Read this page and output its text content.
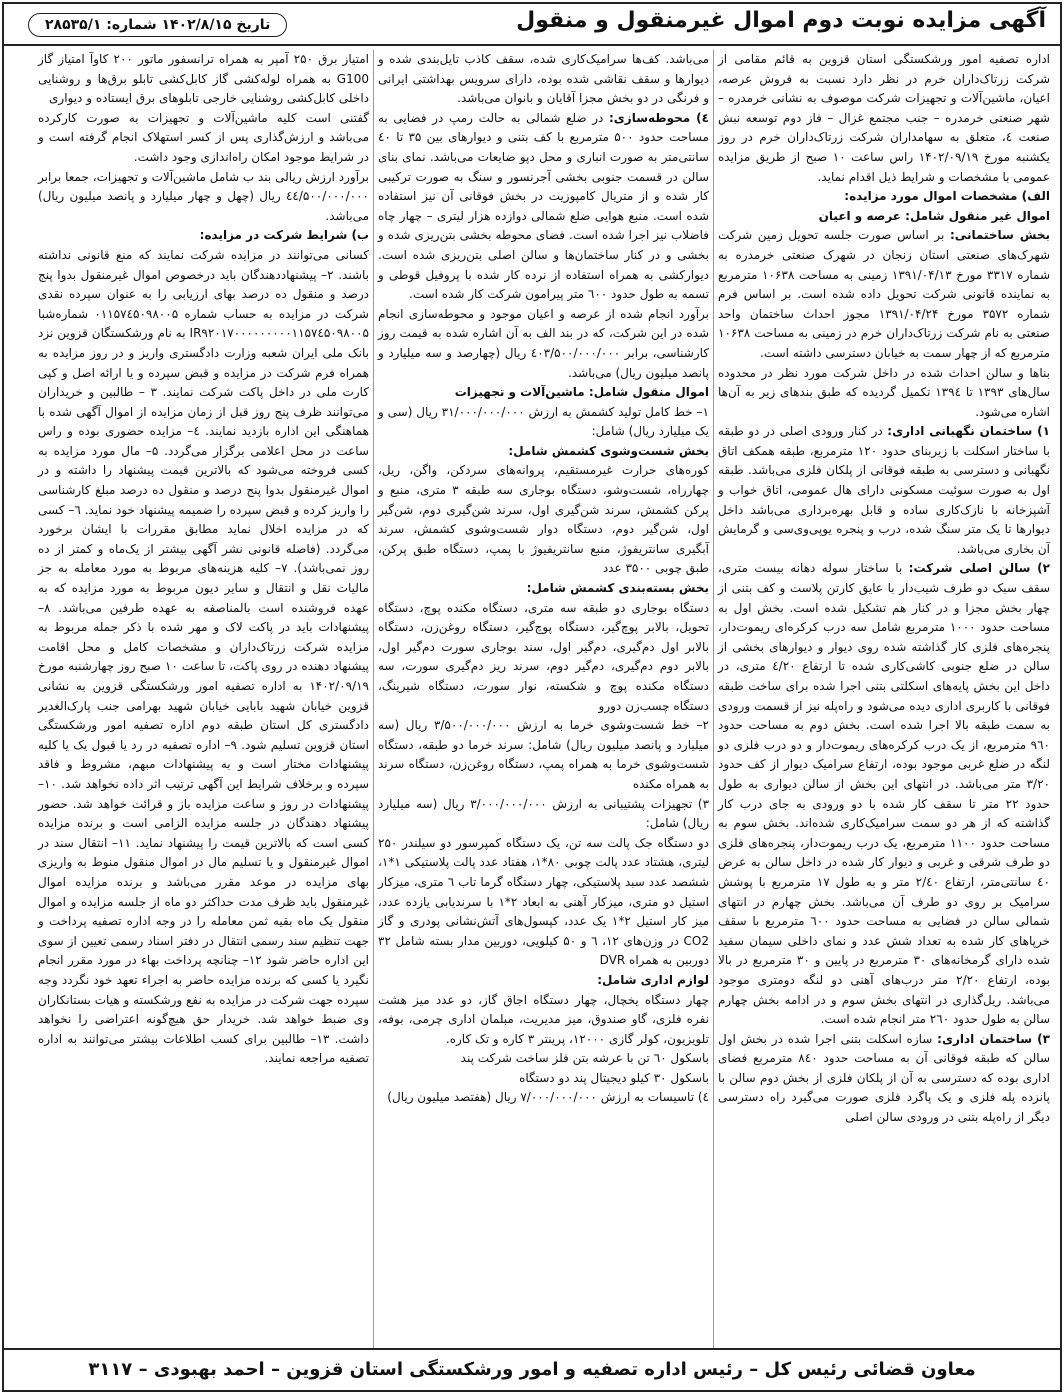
آگهی مزایده نوبت دوم اموال غیرمنقول و منقول
تاریخ ۱۴۰۲/۸/۱۵ شماره: ۲۸۵۳۵/۱

اداره تصفیه امور ورشکستگی استان قزوین به قائم مقامی از شرکت زرتاک‌داران خرم در نظر دارد نسبت به فروش عرصه، اعیان، ماشین‌آلات و تجهیزات شرکت موصوف به نشانی خرمدره – شهر صنعتی خرمدره – جنب مجتمع غزال – فاز دوم توسعه نبش صنعت ٤، متعلق به سهامداران شرکت زرتاک‌داران خرم در روز یکشنبه مورخ ۱۴۰۲/۰۹/۱۹ راس ساعت ۱۰ صبح از طریق مزایده عمومی با مشخصات و شرایط ذیل اقدام نماید.

الف) مشخصات اموال مورد مزایده:

اموال غیر منقول شامل: عرصه و اعیان

بخش ساختمانی: بر اساس صورت جلسه تحویل زمین شرکت شهرک‌های صنعتی استان زنجان در شهرک صنعتی خرمدره به شماره ۳۳۱۷ مورخ ۱۳۹۱/۰۴/۱۳ زمینی به مساحت ۱۰۶۳۸ مترمربع به نماینده قانونی شرکت تحویل داده شده است. بر اساس فرم شماره ۳۵۷۲ مورخ ۱۳۹۱/۰۴/۲۴ مجوز احداث ساختمان واحد صنعتی به نام شرکت زرتاک‌داران خرم در زمینی به مساحت ۱۰۶۳۸ مترمربع که از چهار سمت به خیابان دسترسی داشته است.

بناها و سالن احداث شده در داخل شرکت مورد نظر در محدوده سال‌های ۱۳۹۳ تا ۱۳۹٤ تکمیل گردیده که طبق بندهای زیر به آن‌ها اشاره می‌شود.

۱) ساختمان نگهبانی اداری: در کنار ورودی اصلی در دو طبقه با ساختار اسکلت با زیربنای حدود ۱۲۰ مترمربع، طبقه همکف اتاق نگهبانی و دسترسی به طبقه فوقانی از پلکان فلزی می‌باشد. طبقه اول به صورت سوئیت مسکونی دارای هال عمومی، اتاق خواب و آشپزخانه با نازک‌کاری ساده و قابل بهره‌برداری می‌باشد داخل دیوارها تا یک متر سنگ شده، درب و پنجره یوپی‌وی‌سی و گرمایش آن بخاری می‌باشد.

۲) سالن اصلی شرکت: با ساختار سوله دهانه بیست متری، سقف سبک دو طرف شیب‌دار با عایق کارتن پلاست و کف بتنی از چهار بخش مجزا و در کنار هم تشکیل شده است. بخش اول به مساحت حدود ۱۰۰۰ مترمربع شامل سه درب کرکره‌ای ریموت‌دار، پنجره‌های فلزی کار گذاشته شده روی دیوار و دیوارهای بخشی از سالن در ضلع جنوبی کاشی‌کاری شده تا ارتفاع ٤/۲۰ متری، در داخل این بخش پایه‌های اسکلتی بتنی اجرا شده برای ساخت طبقه فوقانی با کاربری اداری دیده می‌شود و راه‌پله نیز از قسمت ورودی به سمت طبقه بالا اجرا شده است. بخش دوم به مساحت حدود ۹٦۰ مترمربع، از یک درب کرکره‌های ریموت‌دار و دو درب فلزی دو لنگه در ضلع غربی موجود بوده، ارتفاع سرامیک دیوار از کف حدود ۳/۲۰ متر می‌باشد. در انتهای این بخش از سالن دیواری به طول حدود ۲۲ متر تا سقف کار شده با دو ورودی به جای درب کار گذاشته که از هر دو سمت سرامیک‌کاری شده‌اند. بخش سوم به مساحت حدود ۱۱۰۰ مترمربع، یک درب ریموت‌دار، پنجره‌های فلزی دو طرف شرقی و غربی و دیوار کار شده در داخل سالن به عرض ٤۰ سانتی‌متر، ارتفاع ۲/٤۰ متر و به طول ۱۷ مترمربع با پوشش سرامیک بر روی دو طرف آن می‌باشد. بخش چهارم در انتهای شمالی سالن در فضایی به مساحت حدود ٦۰۰ مترمربع با سقف خرپاهای کار شده به تعداد شش عدد و نمای داخلی سیمان سفید شده دارای گرمخانه‌های ۳۰ مترمربع در پایین و ۳۰ مترمربع در بالا بوده، ارتفاع ۲/۲۰ متر درب‌های آهنی دو لنگه دومتری موجود می‌باشد. ریل‌گذاری در انتهای بخش سوم و در ادامه بخش چهارم سالن به طول حدود ۲٦۰ متر انجام شده است.

۳) ساختمان اداری: سازه اسکلت بتنی اجرا شده در بخش اول سالن که طبقه فوقانی آن به مساحت حدود ۸٤۰ مترمربع فضای اداری بوده که دسترسی به آن از پلکان فلزی از بخش دوم سالن با پانزده پله فلزی و یک پاگرد فلزی صورت می‌گیرد راه دسترسی دیگر از راه‌پله بتنی در ورودی سالن اصلی

می‌باشد. کف‌ها سرامیک‌کاری شده، سقف کاذب تایل‌بندی شده و دیوارها و سقف نقاشی شده بوده، دارای سرویس بهداشتی ایرانی و فرنگی در دو بخش مجزا آقایان و بانوان می‌باشد.

٤) محوطه‌سازی: در ضلع شمالی به حالت رمپ در فضایی به مساحت حدود ۵۰۰ مترمربع با کف بتنی و دیوارهای بین ۳۵ تا ٤۰ سانتی‌متر به صورت انباری و محل دپو ضایعات می‌باشد. نمای بنای سالن در قسمت جنوبی بخشی آجرنسور و سنگ به صورت ترکیبی کار شده و از متریال کامپوزیت در بخش فوقانی آن نیز استفاده شده است. منبع هوایی ضلع شمالی دوازده هزار لیتری – چهار چاه فاضلاب نیز اجرا شده است. فضای محوطه بخشی بتن‌ریزی شده و بخشی و در کنار ساختمان‌ها و سالن اصلی بتن‌ریزی شده است. دیوارکشی به همراه استفاده از نرده کار شده با پروفیل قوطی و تسمه به طول حدود ٦۰۰ متر پیرامون شرکت کار شده است.

برآورد انجام شده از عرصه و اعیان موجود و محوطه‌سازی انجام شده در این شرکت، که در بند الف به آن اشاره شده به قیمت روز کارشناسی، برابر ٤۰۳/۵۰۰/۰۰۰/۰۰۰ ریال (چهارصد و سه میلیارد و پانصد میلیون ریال) می‌باشد.

اموال منقول شامل: ماشین‌آلات و تجهیزات

۱– خط کامل تولید کشمش به ارزش ۳۱/۰۰۰/۰۰۰/۰۰۰ ریال (سی و یک میلیارد ریال) شامل:

بخش شست‌وشوی کشمش شامل:

کوره‌های حرارت غیرمستقیم، پروانه‌های سردکن، واگن، ریل، چهارراه، شست‌وشو، دستگاه بوجاری سه طبقه ۳ متری، منبع و پرکن کشمش، سرند شن‌گیری اول، سرند شن‌گیری دوم، شن‌گیر اول، شن‌گیر دوم، دستگاه دوار شست‌وشوی کشمش، سرند آبگیری سانتریفوژ، منبع سانتریفیوژ با پمپ، دستگاه طبق پرکن، طبق چوبی ۳۵۰۰ عدد

بخش بسته‌بندی کشمش شامل:

دستگاه بوجاری دو طبقه سه متری، دستگاه مکنده پوچ، دستگاه تحویل، بالابر پوچ‌گیر، دستگاه پوچ‌گیر، دستگاه روغن‌زن، دستگاه بالابر اول دم‌گیری، دم‌گیر اول، سند بوجاری سورت دم‌گیر اول، بالابر دوم دم‌گیری، دم‌گیر دوم، سرند ریز دم‌گیری سورت، سه دستگاه مکنده پوچ و شکسته، نوار سورت، دستگاه شیرینگ، دستگاه چسب‌زن دورو

۲– خط شست‌وشوی خرما به ارزش ۳/۵۰۰/۰۰۰/۰۰۰ ریال (سه میلیارد و پانصد میلیون ریال) شامل: سرند خرما دو طبقه، دستگاه شست‌وشوی خرما به همراه پمپ، دستگاه روغن‌زن، دستگاه سرند به همراه مکنده

۳) تجهیزات پشتیبانی به ارزش ۳/۰۰۰/۰۰۰/۰۰۰ ریال (سه میلیارد ریال) شامل:

دو دستگاه جک پالت سه تن، یک دستگاه کمپرسور دو سیلندر ۲۵۰ لیتری، هشتاد عدد پالت چوبی ۸۰*۱، هفتاد عدد پالت پلاستیکی ۱*۱، ششصد عدد سبد پلاستیکی، چهار دستگاه گرما تاب ٦ متری، میزکار استیل دو متری، میزکار آهنی به ابعاد ۲*۱ با سرندیابی یازده عدد، میز کار استیل ۲*۱ یک عدد، کپسول‌های آتش‌نشانی پودری و گاز CO2 در وزن‌های ۱۲، ٦ و ۵۰ کیلویی، دوربین مدار بسته شامل ۳۲ دوربین به همراه DVR

لوازم اداری شامل:

چهار دستگاه یخچال، چهار دستگاه اجاق گاز، دو عدد میز هشت نفره فلزی، گاو صندوق، میز مدیریت، مبلمان اداری چرمی، بوفه، تلویزیون، کولر گازی ۱۲۰۰۰، پرینتر ۳ کاره و تک کاره.

باسکول ٦۰ تن با عرشه بتن فلز ساخت شرکت پند

باسکول ۳۰ کیلو دیجیتال پند دو دستگاه

٤) تاسیسات به ارزش ۷/۰۰۰/۰۰۰/۰۰۰ ریال (هفتصد میلیون ریال)

امتیاز برق ۲۵۰ آمپر به همراه ترانسفور ماتور ۲۰۰ کاوآ امتیاز گاز G100 به همراه لوله‌کشی گاز کابل‌کشی تابلو برق‌ها و روشنایی داخلی کابل‌کشی روشنایی خارجی تابلوهای برق ایستاده و دیواری

گفتنی است کلیه ماشین‌آلات و تجهیزات به صورت کارکرده می‌باشد و ارزش‌گذاری پس از کسر استهلاک انجام گرفته است و در شرایط موجود امکان راه‌اندازی وجود داشت.

برآورد ارزش ریالی بند ب شامل ماشین‌آلات و تجهیزات، جمعا برابر ٤٤/۵۰۰/۰۰۰/۰۰۰ ریال (چهل و چهار میلیارد و پانصد میلیون ریال) می‌باشد.

ب) شرایط شرکت در مزایده:

کسانی می‌توانند در مزایده شرکت نمایند که منع قانونی نداشته باشند. ۲– پیشنهاددهندگان باید درخصوص اموال غیرمنقول بدوا پنج درصد و منقول ده درصد بهای ارزیابی را به عنوان سپرده نقدی شرکت در مزایده به حساب شماره ۰۱۱۵۷٤۵۰۹۸۰۰۵ شماره‌شبا IR۹۲۰۱۷۰۰۰۰۰۰۰۰۰۱۱۵۷٤۵۰۹۸۰۰۵ به نام ورشکستگان قزوین نزد بانک ملی ایران شعبه وزارت دادگستری واریز و در روز مزایده به همراه فرم شرکت در مزایده و قبض سپرده و یا ارائه اصل و کپی کارت ملی در داخل پاکت شرکت نمایند. ۳ – طالبین و خریداران می‌توانند ظرف پنج روز قبل از زمان مزایده از اموال آگهی شده با هماهنگی این اداره بازدید نمایند. ٤– مزایده حضوری بوده و راس ساعت در محل اعلامی برگزار می‌گردد. ۵– مال مورد مزایده به کسی فروخته می‌شود که بالاترین قیمت پیشنهاد را داشته و در اموال غیرمنقول بدوا پنج درصد و منقول ده درصد مبلغ کارشناسی را واریز کرده و قبض سپرده را ضمیمه پیشنهاد خود نماید. ٦– کسی که در مزایده اخلال نماید مطابق مقررات با ایشان برخورد می‌گردد. (فاصله قانونی نشر آگهی بیشتر از یک‌ماه و کمتر از ده روز نمی‌باشد). ۷– کلیه هزینه‌های مربوط به مورد معامله به جز مالیات نقل و انتقال و سایر دیون مربوط به مورد مزایده که به عهده فروشنده است بالمناصفه به عهده طرفین می‌باشد. ۸– پیشنهادات باید در پاکت لاک و مهر شده با ذکر جمله مربوط به مزایده شرکت زرتاک‌داران و مشخصات کامل و محل اقامت پیشنهاد دهنده در روی پاکت، تا ساعت ۱۰ صبح روز چهارشنبه مورخ ۱۴۰۲/۰۹/۱۹ به اداره تصفیه امور ورشکستگی قزوین به نشانی قزوین خیابان شهید بابایی خیابان شهید بهرامی جنب پارک‌الغدیر دادگستری کل استان طبقه دوم اداره تصفیه امور ورشکستگی استان قزوین تسلیم شود. ۹– اداره تصفیه در رد یا قبول یک یا کلیه پیشنهادات مختار است و به پیشنهادات مبهم، مشروط و فاقد سپرده و برخلاف شرایط این آگهی ترتیب اثر داده نخواهد شد. ۱۰– پیشنهادات در روز و ساعت مزایده باز و قرائت خواهد شد. حضور پیشنهاد دهندگان در جلسه مزایده الزامی است و برنده مزایده کسی است که بالاترین قیمت را پیشنهاد نماید. ۱۱– انتقال سند در اموال غیرمنقول و یا تسلیم مال در اموال منقول منوط به واریزی بهای مزایده در موعد مقرر می‌باشد و برنده مزایده اموال غیرمنقول باید ظرف مدت حداکثر دو ماه از جلسه مزایده و اموال منقول یک ماه بقیه ثمن معامله را در وجه اداره تصفیه پرداخت و جهت تنظیم سند رسمی انتقال در دفتر اسناد رسمی تعیین از سوی این اداره حاضر شود ۱۲– چنانچه پرداخت بهاء در مورد مقرر انجام نگیرد یا کسی که برنده مزایده حاضر به اجراء تعهد خود نگردد وجه سپرده جهت شرکت در مزایده به نفع ورشکسته و هیات بستانکاران وی ضبط خواهد شد. خریدار حق هیچ‌گونه اعتراضی را نخواهد داشت. ۱۳– طالبین برای کسب اطلاعات بیشتر می‌توانند به اداره تصفیه مراجعه نمایند.

معاون قضائی رئیس کل – رئیس اداره تصفیه و امور ورشکستگی استان قزوین – احمد بهبودی – ۳۱۱۷
